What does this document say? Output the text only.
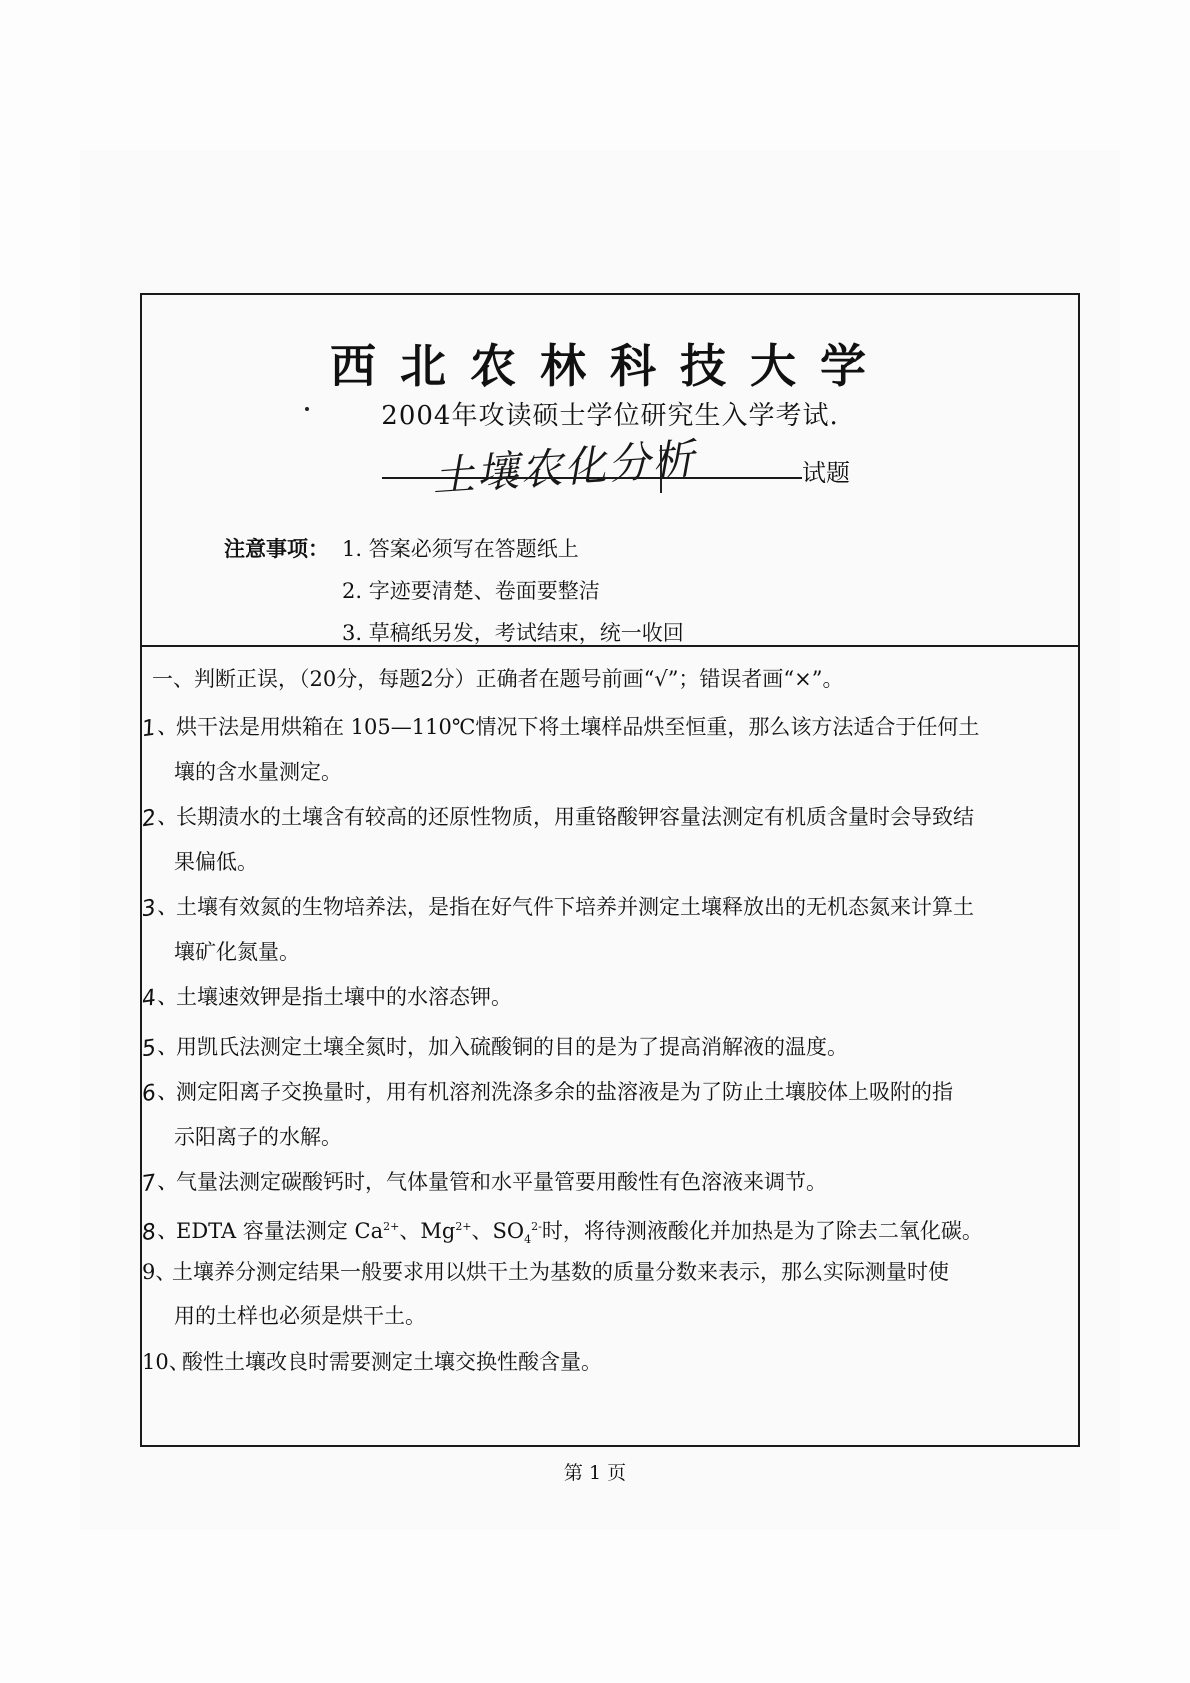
西北农林科技大学
2004年攻读硕士学位研究生入学考试.
土壤农化分析	试题
注意事项： 1. 答案必须写在答题纸上
2. 字迹要清楚、卷面要整洁
3. 草稿纸另发，考试结束，统一收回
一、判断正误，（20分，每题2分）正确者在题号前画“√”；错误者画“×”。
1、烘干法是用烘箱在 105—110℃情况下将土壤样品烘至恒重，那么该方法适合于任何土
壤的含水量测定。
2、长期渍水的土壤含有较高的还原性物质，用重铬酸钾容量法测定有机质含量时会导致结
果偏低。
3、土壤有效氮的生物培养法，是指在好气件下培养并测定土壤释放出的无机态氮来计算土
壤矿化氮量。
4、土壤速效钾是指土壤中的水溶态钾。
5、用凯氏法测定土壤全氮时，加入硫酸铜的目的是为了提高消解液的温度。
6、测定阳离子交换量时，用有机溶剂洗涤多余的盐溶液是为了防止土壤胶体上吸附的指
示阳离子的水解。
7、气量法测定碳酸钙时，气体量管和水平量管要用酸性有色溶液来调节。
8、EDTA 容量法测定 $Ca^{2+}$、$Mg^{2+}$、$SO_4^{2-}$时，将待测液酸化并加热是为了除去二氧化碳。
9、土壤养分测定结果一般要求用以烘干土为基数的质量分数来表示，那么实际测量时使
用的土样也必须是烘干土。
10、酸性土壤改良时需要测定土壤交换性酸含量。
第 1 页
